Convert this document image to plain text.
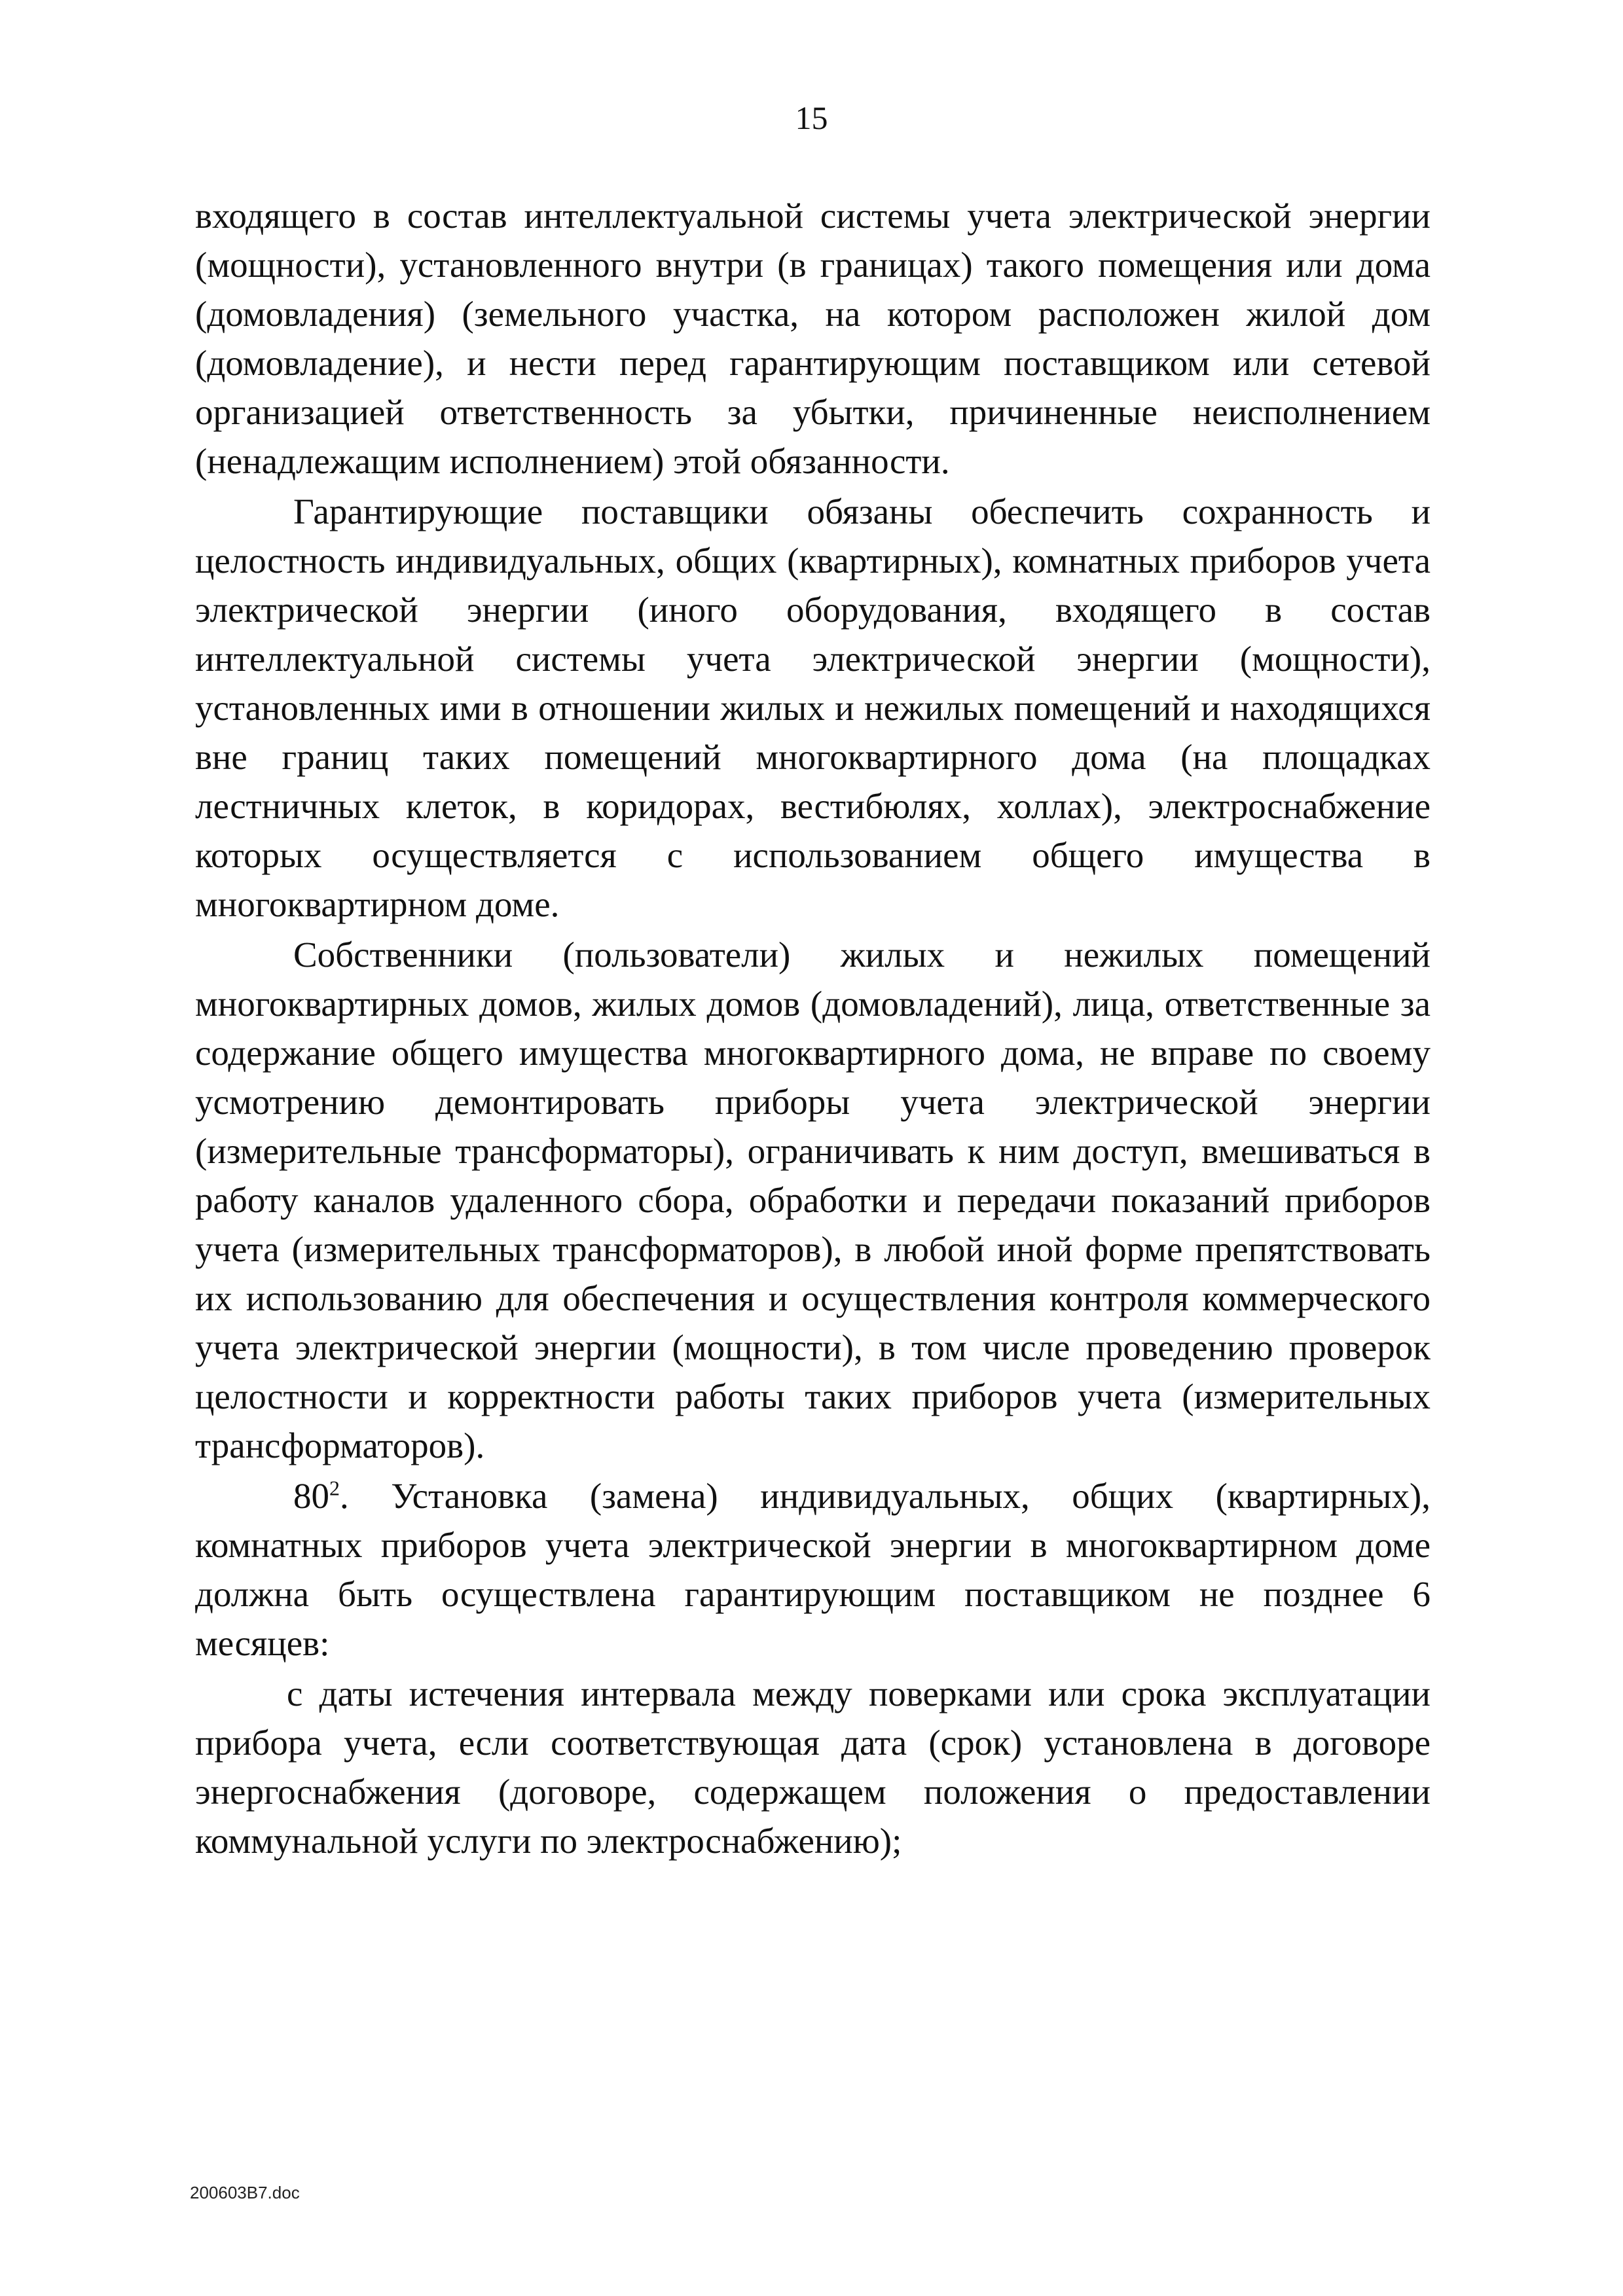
15

входящего в состав интеллектуальной системы учета электрической энергии (мощности), установленного внутри (в границах) такого помещения или дома (домовладения) (земельного участка, на котором расположен жилой дом (домовладение), и нести перед гарантирующим поставщиком или сетевой организацией ответственность за убытки, причиненные неисполнением (ненадлежащим исполнением) этой обязанности.

Гарантирующие поставщики обязаны обеспечить сохранность и целостность индивидуальных, общих (квартирных), комнатных приборов учета электрической энергии (иного оборудования, входящего в состав интеллектуальной системы учета электрической энергии (мощности), установленных ими в отношении жилых и нежилых помещений и находящихся вне границ таких помещений многоквартирного дома (на площадках лестничных клеток, в коридорах, вестибюлях, холлах), электроснабжение которых осуществляется с использованием общего имущества в многоквартирном доме.

Собственники (пользователи) жилых и нежилых помещений многоквартирных домов, жилых домов (домовладений), лица, ответственные за содержание общего имущества многоквартирного дома, не вправе по своему усмотрению демонтировать приборы учета электрической энергии (измерительные трансформаторы), ограничивать к ним доступ, вмешиваться в работу каналов удаленного сбора, обработки и передачи показаний приборов учета (измерительных трансформаторов), в любой иной форме препятствовать их использованию для обеспечения и осуществления контроля коммерческого учета электрической энергии (мощности), в том числе проведению проверок целостности и корректности работы таких приборов учета (измерительных трансформаторов).

$80^2$. Установка (замена) индивидуальных, общих (квартирных), комнатных приборов учета электрической энергии в многоквартирном доме должна быть осуществлена гарантирующим поставщиком не позднее 6 месяцев:

с даты истечения интервала между поверками или срока эксплуатации прибора учета, если соответствующая дата (срок) установлена в договоре энергоснабжения (договоре, содержащем положения о предоставлении коммунальной услуги по электроснабжению);

200603B7.doc
